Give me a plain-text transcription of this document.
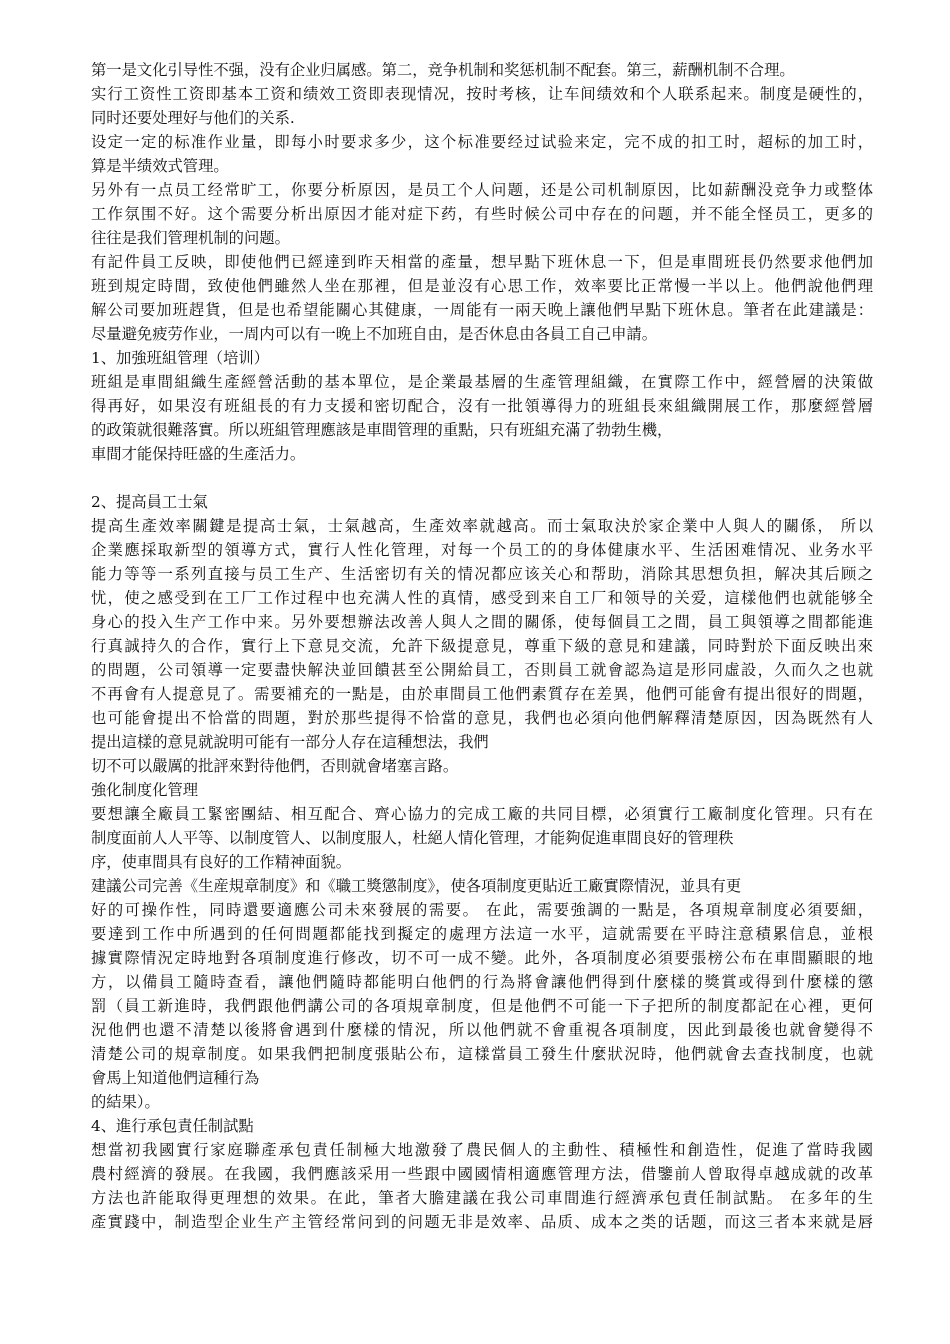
第一是文化引导性不强，没有企业归属感。第二，竞争机制和奖惩机制不配套。第三，薪酬机制不合理。
实行工资性工资即基本工资和绩效工资即表现情况，按时考核，让车间绩效和个人联系起来。制度是硬性的，
同时还要处理好与他们的关系.
设定一定的标准作业量，即每小时要求多少，这个标准要经过试验来定，完不成的扣工时，超标的加工时，
算是半绩效式管理。
另外有一点员工经常旷工，你要分析原因，是员工个人问题，还是公司机制原因，比如薪酬没竞争力或整体
工作氛围不好。这个需要分析出原因才能对症下药，有些时候公司中存在的问题，并不能全怪员工，更多的
往往是我们管理机制的问题。
有記件員工反映，即使他們已經達到昨天相當的產量，想早點下班休息一下，但是車間班長仍然要求他們加
班到規定時間，致使他們雖然人坐在那裡，但是並沒有心思工作，效率要比正常慢一半以上。他們說他們理
解公司要加班趕貨，但是也希望能關心其健康，一周能有一兩天晚上讓他們早點下班休息。筆者在此建議是：
尽量避免疲劳作业，一周内可以有一晚上不加班自由，是否休息由各員工自己申請。
1、加強班組管理（培训）
班組是車間組織生產經營活動的基本單位，是企業最基層的生產管理組織，在實際工作中，經營層的決策做
得再好，如果沒有班組長的有力支援和密切配合，沒有一批領導得力的班組長來組織開展工作，那麼經營層
的政策就很難落實。所以班組管理應該是車間管理的重點，只有班組充滿了勃勃生機，
車間才能保持旺盛的生產活力。
2、提高員工士氣
提高生產效率關鍵是提高士氣，士氣越高，生產效率就越高。而士氣取決於家企業中人與人的關係， 所以
企業應採取新型的領導方式，實行人性化管理，对每一个员工的的身体健康水平、生活困难情况、业务水平
能力等等一系列直接与员工生产、生活密切有关的情况都应该关心和帮助，消除其思想负担，解决其后顾之
忧，使之感受到在工厂工作过程中也充满人性的真情，感受到来自工厂和领导的关爱，這樣他們也就能够全
身心的投入生产工作中来。另外要想辦法改善人與人之間的關係，使每個員工之間，員工與領導之間都能進
行真誠持久的合作，實行上下意見交流，允許下級提意見，尊重下級的意見和建議，同時對於下面反映出來
的問題，公司領導一定要盡快解決並回饋甚至公開給員工，否則員工就會認為這是形同虛設，久而久之也就
不再會有人提意見了。需要補充的一點是，由於車間員工他們素質存在差異，他們可能會有提出很好的問題，
也可能會提出不恰當的問題，對於那些提得不恰當的意見，我們也必須向他們解釋清楚原因，因為既然有人
提出這樣的意見就說明可能有一部分人存在這種想法，我們
切不可以嚴厲的批評來對待他們，否則就會堵塞言路。
強化制度化管理
要想讓全廠員工緊密團結、相互配合、齊心協力的完成工廠的共同目標，必須實行工廠制度化管理。只有在
制度面前人人平等、以制度管人、以制度服人，杜絕人情化管理，才能夠促進車間良好的管理秩
序，使車間具有良好的工作精神面貌。
建議公司完善《生産規章制度》和《職工獎懲制度》，使各項制度更貼近工廠實際情況，並具有更
好的可操作性，同時還要適應公司未來發展的需要。 在此，需要強調的一點是，各項規章制度必須要細，
要達到工作中所遇到的任何問題都能找到擬定的處理方法這一水平，這就需要在平時注意積累信息，並根
據實際情況定時地對各項制度進行修改，切不可一成不變。此外，各項制度必須要張榜公布在車間顯眼的地
方，以備員工隨時查看，讓他們隨時都能明白他們的行為將會讓他們得到什麼樣的獎賞或得到什麼樣的懲
罰（員工新進時，我們跟他們講公司的各項規章制度，但是他們不可能一下子把所的制度都記在心裡，更何
況他們也還不清楚以後將會遇到什麼樣的情況，所以他們就不會重視各項制度，因此到最後也就會變得不
清楚公司的規章制度。如果我們把制度張貼公布，這樣當員工發生什麼狀況時，他們就會去查找制度，也就
會馬上知道他們這種行為
的結果）。
4、進行承包責任制試點
想當初我國實行家庭聯產承包責任制極大地激發了農民個人的主動性、積極性和創造性，促進了當時我國
農村經濟的發展。在我國，我們應該采用一些跟中國國情相適應管理方法，借鑒前人曾取得卓越成就的改革
方法也許能取得更理想的效果。在此，筆者大膽建議在我公司車間進行經濟承包責任制試點。 在多年的生
產實踐中，制造型企业生产主管经常问到的问题无非是效率、品质、成本之类的话题，而这三者本来就是唇
